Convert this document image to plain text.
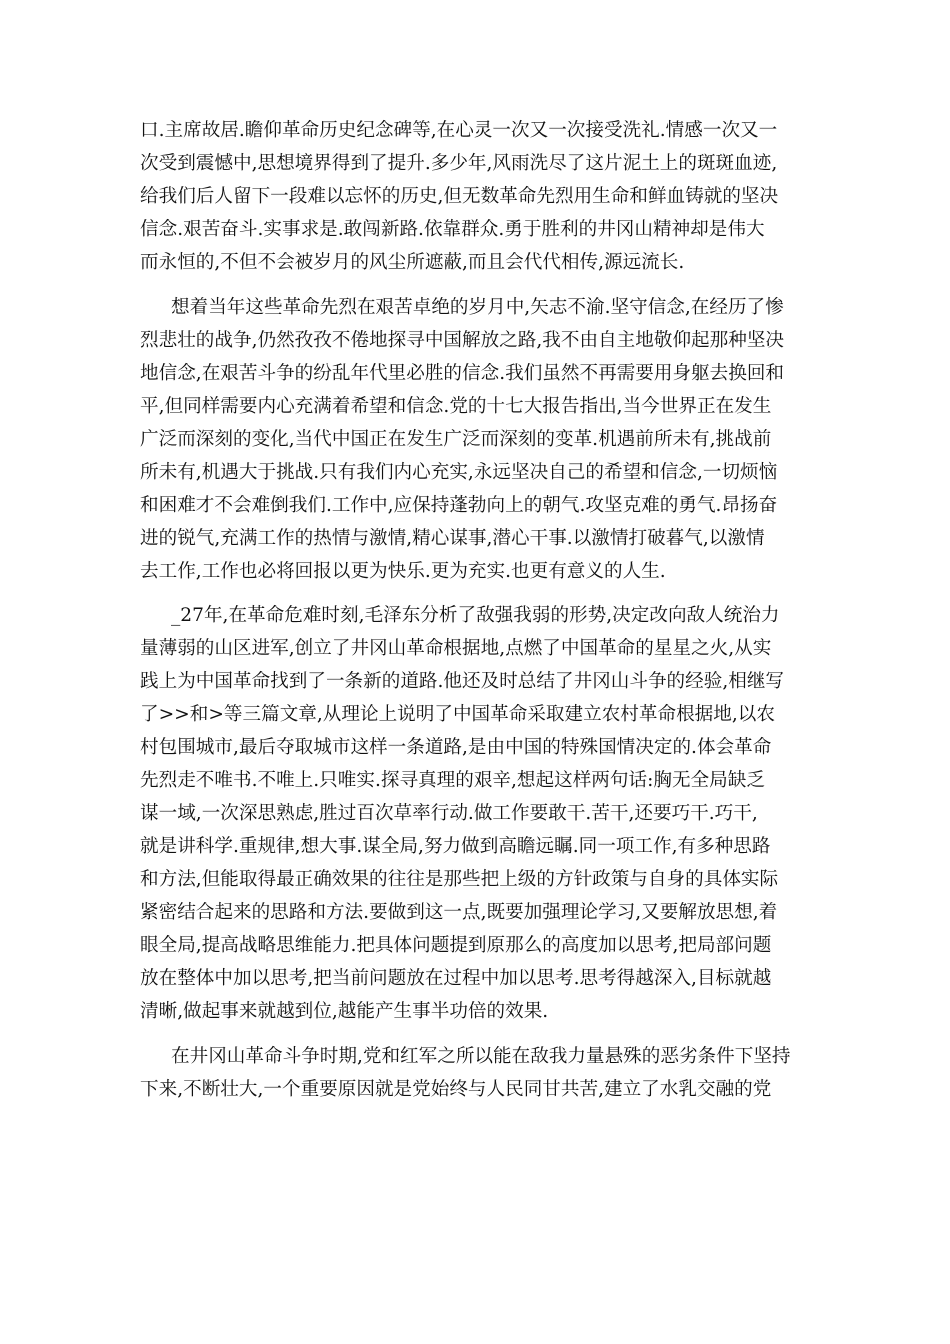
口.主席故居.瞻仰革命历史纪念碑等,在心灵一次又一次接受洗礼.情感一次又一
次受到震憾中,思想境界得到了提升.多少年,风雨洗尽了这片泥土上的斑斑血迹,
给我们后人留下一段难以忘怀的历史,但无数革命先烈用生命和鲜血铸就的坚决
信念.艰苦奋斗.实事求是.敢闯新路.依靠群众.勇于胜利的井冈山精神却是伟大
而永恒的,不但不会被岁月的风尘所遮蔽,而且会代代相传,源远流长.
想着当年这些革命先烈在艰苦卓绝的岁月中,矢志不渝.坚守信念,在经历了惨
烈悲壮的战争,仍然孜孜不倦地探寻中国解放之路,我不由自主地敬仰起那种坚决
地信念,在艰苦斗争的纷乱年代里必胜的信念.我们虽然不再需要用身躯去换回和
平,但同样需要内心充满着希望和信念.党的十七大报告指出,当今世界正在发生
广泛而深刻的变化,当代中国正在发生广泛而深刻的变革.机遇前所未有,挑战前
所未有,机遇大于挑战.只有我们内心充实,永远坚决自己的希望和信念,一切烦恼
和困难才不会难倒我们.工作中,应保持蓬勃向上的朝气.攻坚克难的勇气.昂扬奋
进的锐气,充满工作的热情与激情,精心谋事,潜心干事.以激情打破暮气,以激情
去工作,工作也必将回报以更为快乐.更为充实.也更有意义的人生.
_27年,在革命危难时刻,毛泽东分析了敌强我弱的形势,决定改向敌人统治力
量薄弱的山区进军,创立了井冈山革命根据地,点燃了中国革命的星星之火,从实
践上为中国革命找到了一条新的道路.他还及时总结了井冈山斗争的经验,相继写
了>>和>等三篇文章,从理论上说明了中国革命采取建立农村革命根据地,以农
村包围城市,最后夺取城市这样一条道路,是由中国的特殊国情决定的.体会革命
先烈走不唯书.不唯上.只唯实.探寻真理的艰辛,想起这样两句话:胸无全局缺乏
谋一域,一次深思熟虑,胜过百次草率行动.做工作要敢干.苦干,还要巧干.巧干,
就是讲科学.重规律,想大事.谋全局,努力做到高瞻远瞩.同一项工作,有多种思路
和方法,但能取得最正确效果的往往是那些把上级的方针政策与自身的具体实际
紧密结合起来的思路和方法.要做到这一点,既要加强理论学习,又要解放思想,着
眼全局,提高战略思维能力.把具体问题提到原那么的高度加以思考,把局部问题
放在整体中加以思考,把当前问题放在过程中加以思考.思考得越深入,目标就越
清晰,做起事来就越到位,越能产生事半功倍的效果.
在井冈山革命斗争时期,党和红军之所以能在敌我力量悬殊的恶劣条件下坚持
下来,不断壮大,一个重要原因就是党始终与人民同甘共苦,建立了水乳交融的党
